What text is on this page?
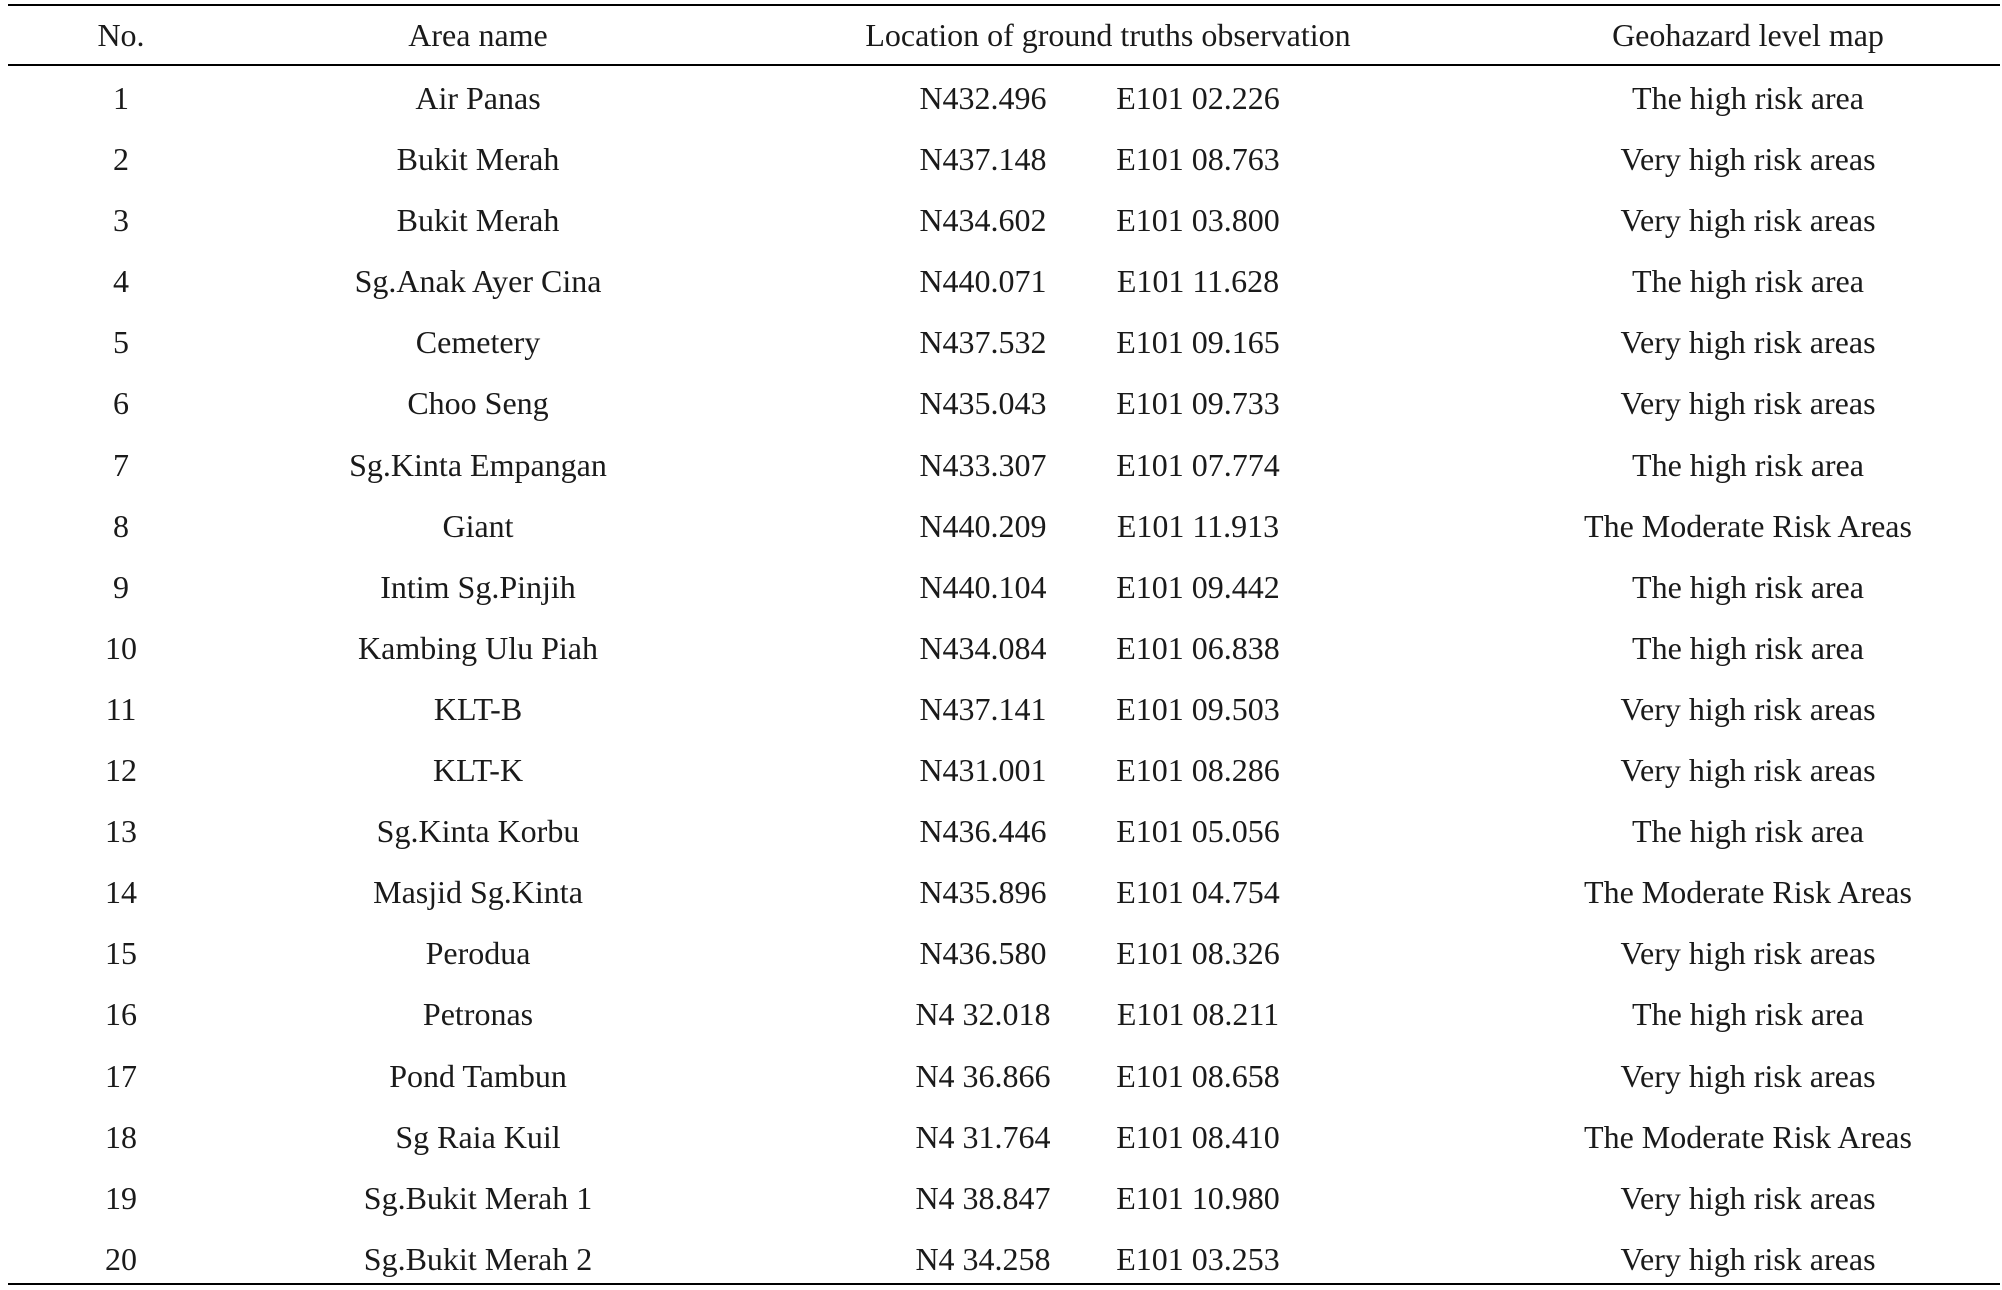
No.	Area name	Location of ground truths observation	Geohazard level map
1	Air Panas	N432.496	E101 02.226	The high risk area
2	Bukit Merah	N437.148	E101 08.763	Very high risk areas
3	Bukit Merah	N434.602	E101 03.800	Very high risk areas
4	Sg.Anak Ayer Cina	N440.071	E101 11.628	The high risk area
5	Cemetery	N437.532	E101 09.165	Very high risk areas
6	Choo Seng	N435.043	E101 09.733	Very high risk areas
7	Sg.Kinta Empangan	N433.307	E101 07.774	The high risk area
8	Giant	N440.209	E101 11.913	The Moderate Risk Areas
9	Intim Sg.Pinjih	N440.104	E101 09.442	The high risk area
10	Kambing Ulu Piah	N434.084	E101 06.838	The high risk area
11	KLT-B	N437.141	E101 09.503	Very high risk areas
12	KLT-K	N431.001	E101 08.286	Very high risk areas
13	Sg.Kinta Korbu	N436.446	E101 05.056	The high risk area
14	Masjid Sg.Kinta	N435.896	E101 04.754	The Moderate Risk Areas
15	Perodua	N436.580	E101 08.326	Very high risk areas
16	Petronas	N4 32.018	E101 08.211	The high risk area
17	Pond Tambun	N4 36.866	E101 08.658	Very high risk areas
18	Sg Raia Kuil	N4 31.764	E101 08.410	The Moderate Risk Areas
19	Sg.Bukit Merah 1	N4 38.847	E101 10.980	Very high risk areas
20	Sg.Bukit Merah 2	N4 34.258	E101 03.253	Very high risk areas
